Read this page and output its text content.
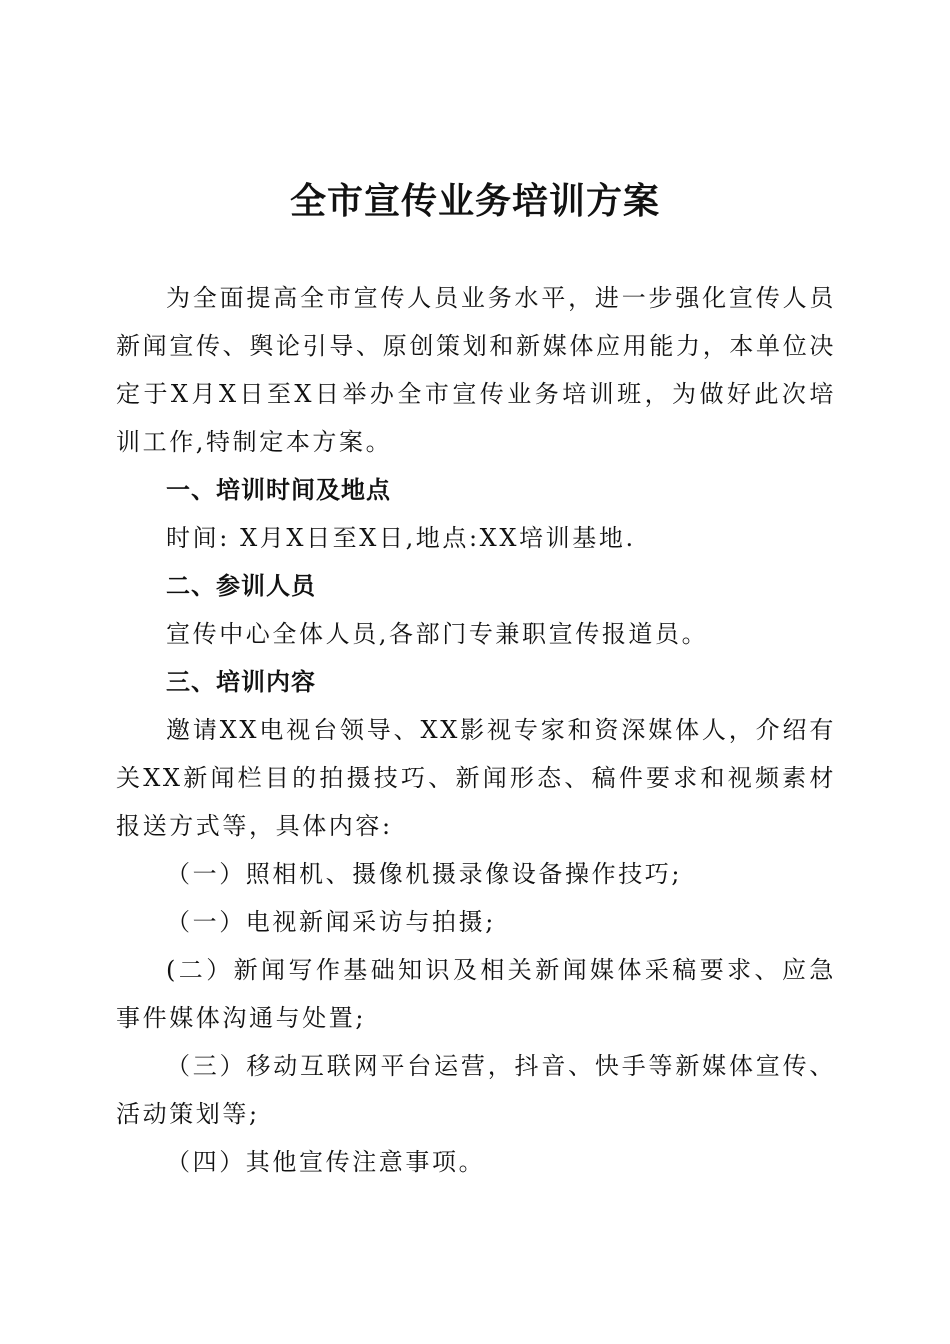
全市宣传业务培训方案
为全面提高全市宣传人员业务水平，进一步强化宣传人员新闻宣传、舆论引导、原创策划和新媒体应用能力，本单位决定于X月X日至X日举办全市宣传业务培训班，为做好此次培训工作,特制定本方案。
一、培训时间及地点
时间: X月X日至X日,地点:XX培训基地.
二、参训人员
宣传中心全体人员,各部门专兼职宣传报道员。
三、培训内容
邀请XX电视台领导、XX影视专家和资深媒体人，介绍有关XX新闻栏目的拍摄技巧、新闻形态、稿件要求和视频素材报送方式等，具体内容:
（一）照相机、摄像机摄录像设备操作技巧;
（一）电视新闻采访与拍摄;
(二）新闻写作基础知识及相关新闻媒体采稿要求、应急事件媒体沟通与处置;
（三）移动互联网平台运营，抖音、快手等新媒体宣传、活动策划等;
（四）其他宣传注意事项。
